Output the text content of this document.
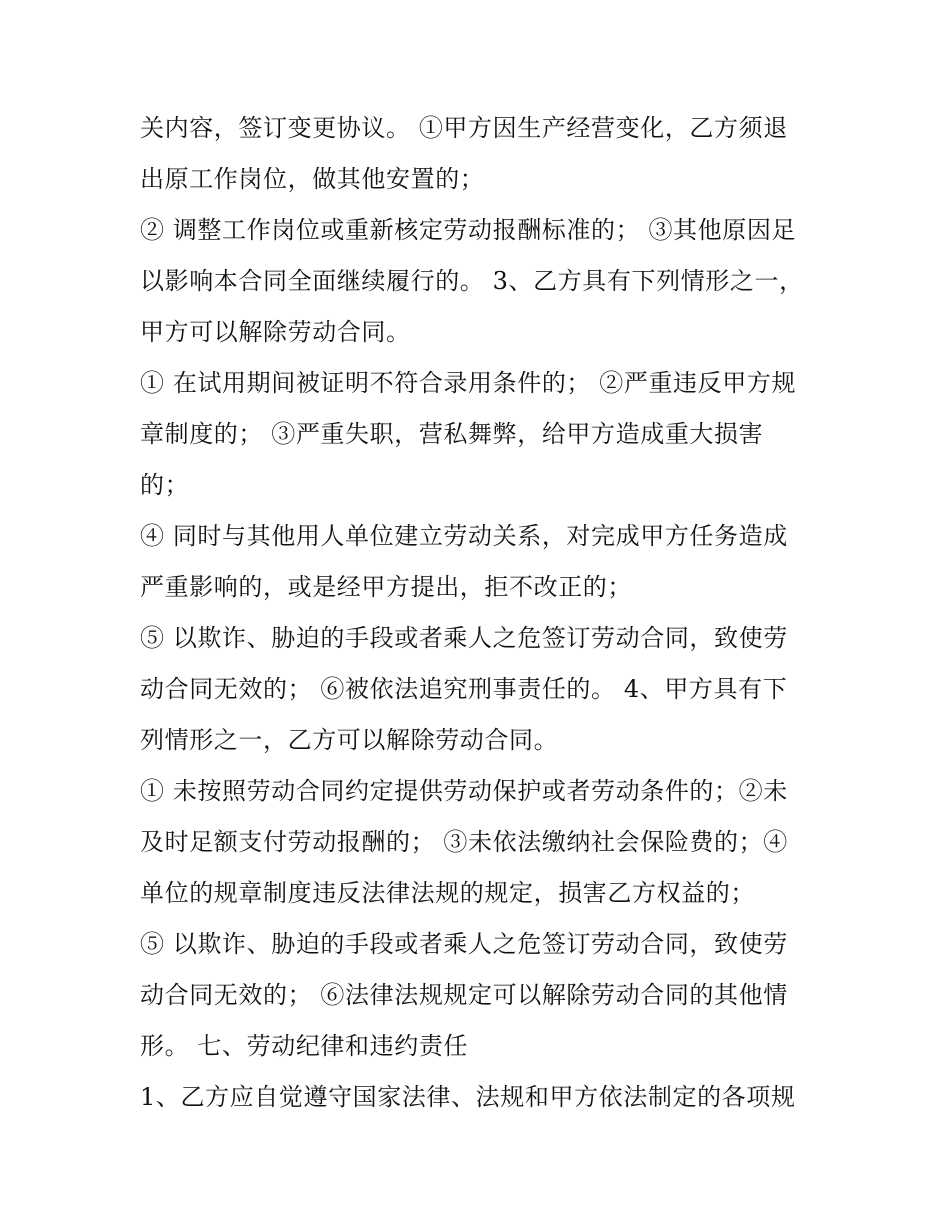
关内容，签订变更协议。 ①甲方因生产经营变化，乙方须退
出原工作岗位，做其他安置的；
② 调整工作岗位或重新核定劳动报酬标准的； ③其他原因足
以影响本合同全面继续履行的。 3、乙方具有下列情形之一，
甲方可以解除劳动合同。
① 在试用期间被证明不符合录用条件的； ②严重违反甲方规
章制度的； ③严重失职，营私舞弊，给甲方造成重大损害
的；
④ 同时与其他用人单位建立劳动关系，对完成甲方任务造成
严重影响的，或是经甲方提出，拒不改正的；
⑤ 以欺诈、胁迫的手段或者乘人之危签订劳动合同，致使劳
动合同无效的； ⑥被依法追究刑事责任的。 4、甲方具有下
列情形之一，乙方可以解除劳动合同。
① 未按照劳动合同约定提供劳动保护或者劳动条件的；②未
及时足额支付劳动报酬的； ③未依法缴纳社会保险费的；④
单位的规章制度违反法律法规的规定，损害乙方权益的；
⑤ 以欺诈、胁迫的手段或者乘人之危签订劳动合同，致使劳
动合同无效的； ⑥法律法规规定可以解除劳动合同的其他情
形。 七、劳动纪律和违约责任
1、乙方应自觉遵守国家法律、法规和甲方依法制定的各项规
